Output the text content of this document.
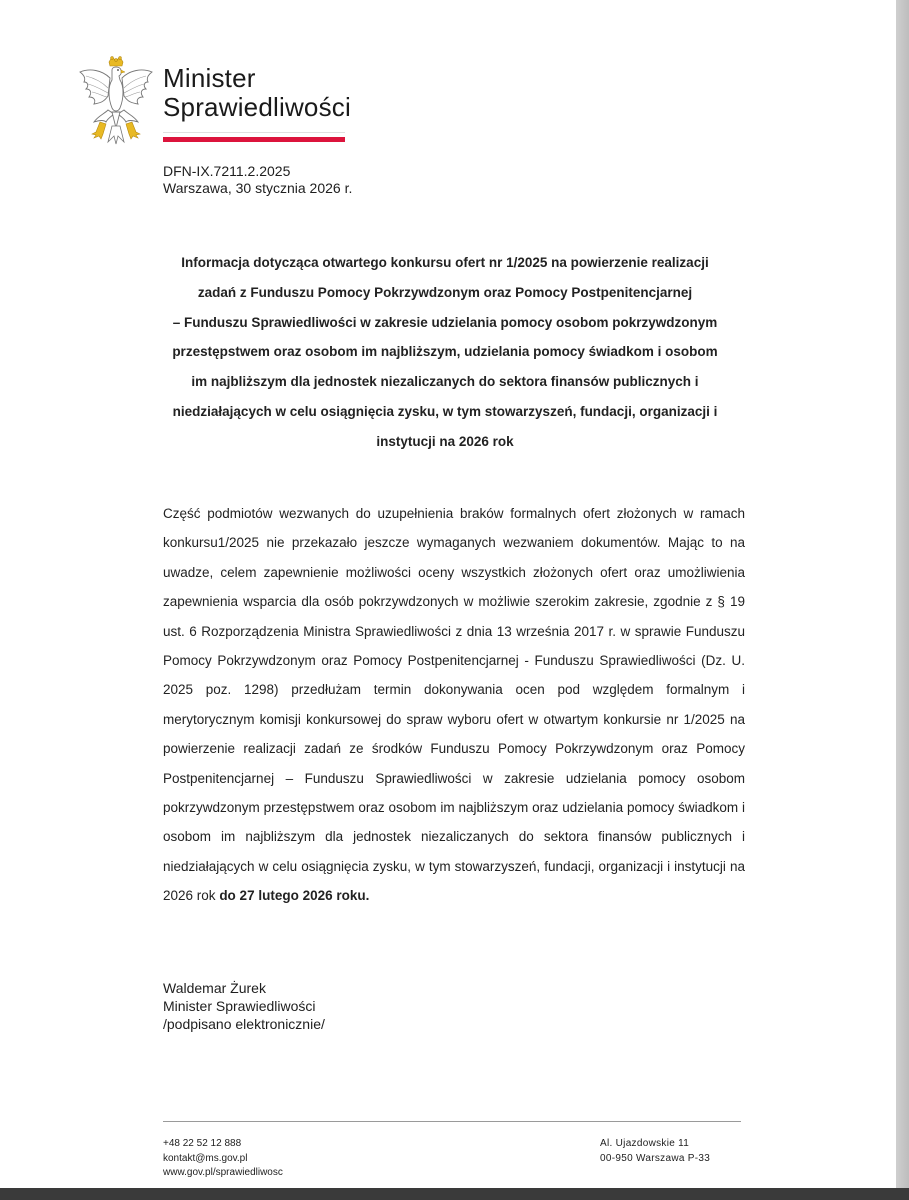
Minister
Sprawiedliwości
DFN-IX.7211.2.2025
Warszawa, 30 stycznia 2026 r.
Informacja dotycząca otwartego konkursu ofert nr 1/2025 na powierzenie realizacji
zadań z Funduszu Pomocy Pokrzywdzonym oraz Pomocy Postpenitencjarnej
– Funduszu Sprawiedliwości w zakresie udzielania pomocy osobom pokrzywdzonym
przestępstwem oraz osobom im najbliższym, udzielania pomocy świadkom i osobom
im najbliższym dla jednostek niezaliczanych do sektora finansów publicznych i
niedziałających w celu osiągnięcia zysku, w tym stowarzyszeń, fundacji, organizacji i
instytucji na 2026 rok
Część podmiotów wezwanych do uzupełnienia braków formalnych ofert złożonych w ramach konkursu1/2025 nie przekazało jeszcze wymaganych wezwaniem dokumentów. Mając to na uwadze, celem zapewnienie możliwości oceny wszystkich złożonych ofert oraz umożliwienia zapewnienia wsparcia dla osób pokrzywdzonych w możliwie szerokim zakresie, zgodnie z § 19 ust. 6 Rozporządzenia Ministra Sprawiedliwości z dnia 13 września 2017 r. w sprawie Funduszu Pomocy Pokrzywdzonym oraz Pomocy Postpenitencjarnej - Funduszu Sprawiedliwości (Dz. U. 2025 poz. 1298) przedłużam termin dokonywania ocen pod względem formalnym i merytorycznym komisji konkursowej do spraw wyboru ofert w otwartym konkursie nr 1/2025 na powierzenie realizacji zadań ze środków Funduszu Pomocy Pokrzywdzonym oraz Pomocy Postpenitencjarnej – Funduszu Sprawiedliwości w zakresie udzielania pomocy osobom pokrzywdzonym przestępstwem oraz osobom im najbliższym oraz udzielania pomocy świadkom i osobom im najbliższym dla jednostek niezaliczanych do sektora finansów publicznych i niedziałających w celu osiągnięcia zysku, w tym stowarzyszeń, fundacji, organizacji i instytucji na 2026 rok do 27 lutego 2026 roku.
Waldemar Żurek
Minister Sprawiedliwości
/podpisano elektronicznie/
+48 22 52 12 888
kontakt@ms.gov.pl
www.gov.pl/sprawiedliwosc
Al. Ujazdowskie 11
00-950 Warszawa P-33
